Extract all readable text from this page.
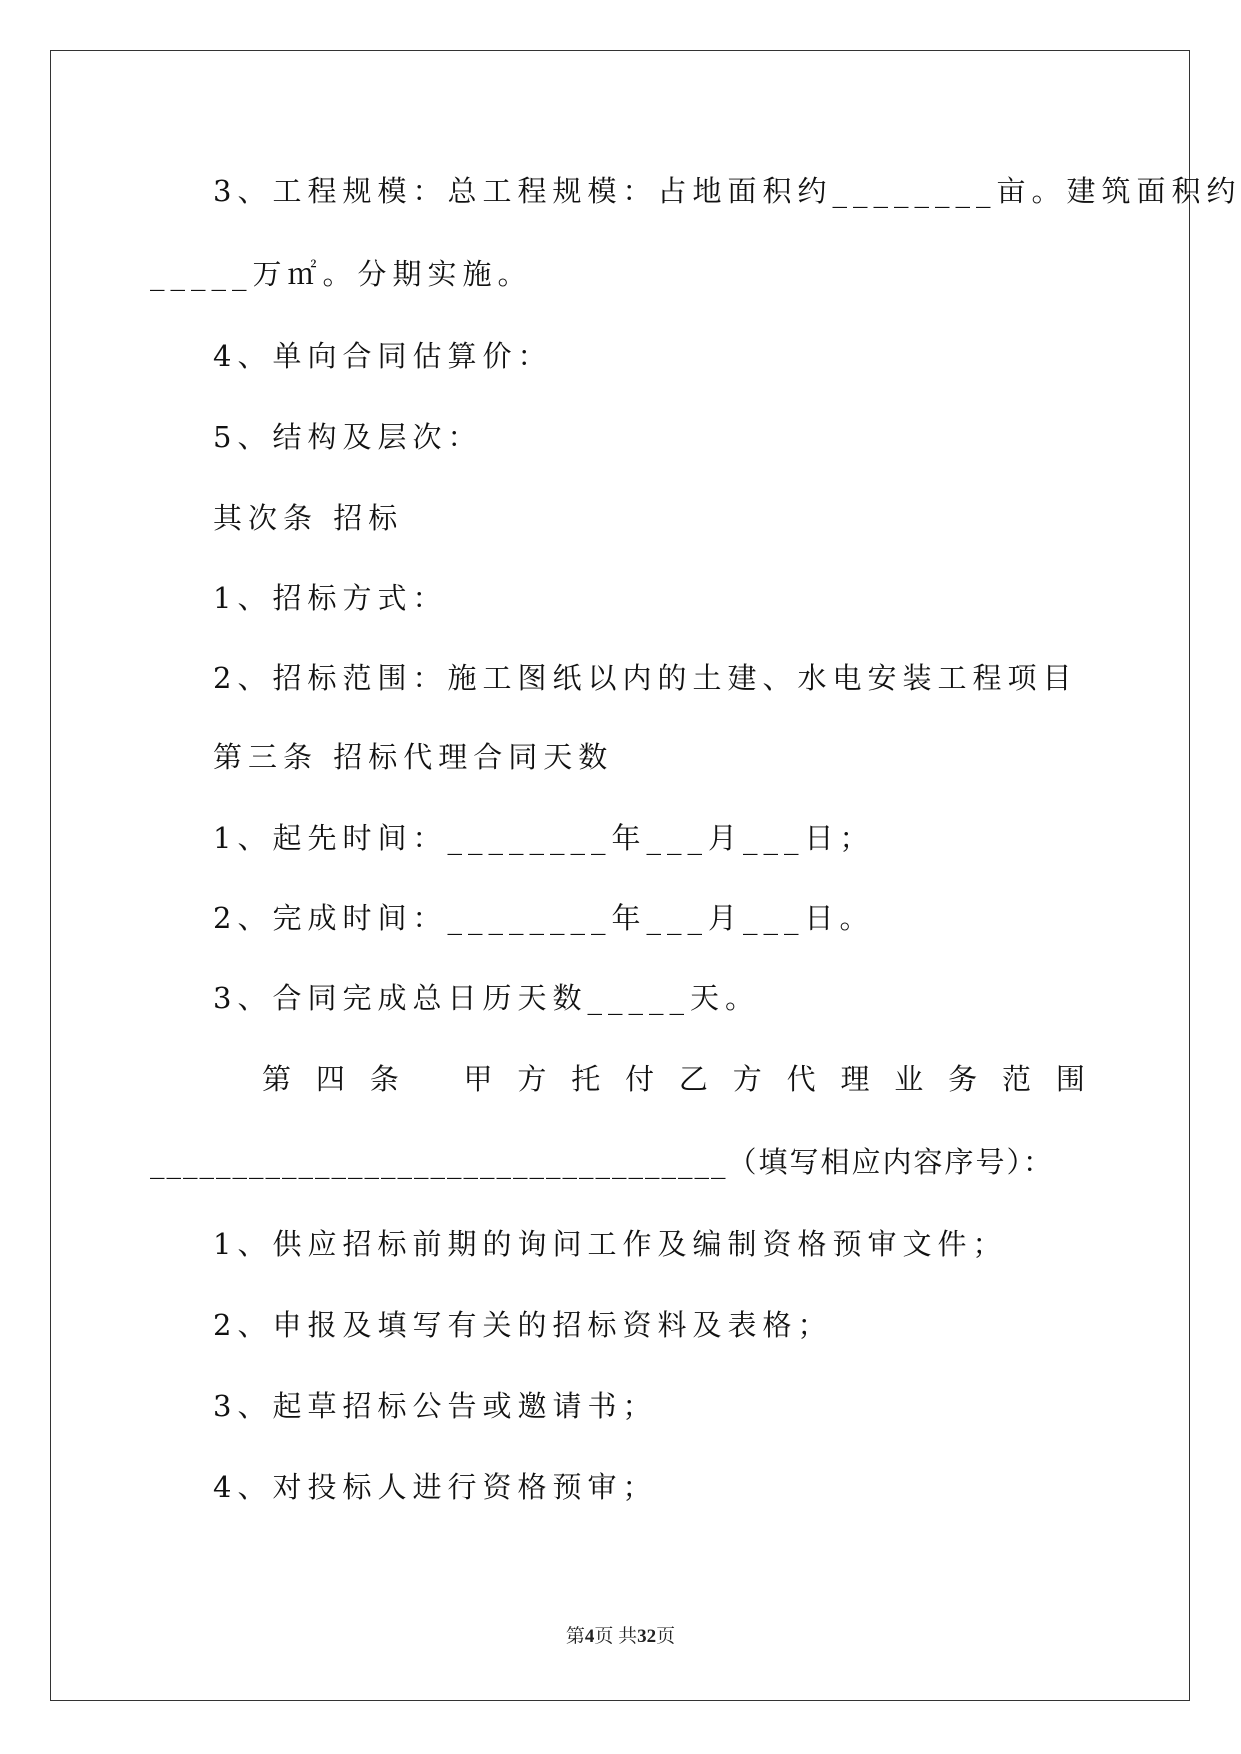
3、工程规模：总工程规模：占地面积约________亩。建筑面积约
_____万㎡。分期实施。
4、单向合同估算价：
5、结构及层次：
其次条 招标
1、招标方式：
2、招标范围：施工图纸以内的土建、水电安装工程项目
第三条 招标代理合同天数
1、起先时间：________年___月___日；
2、完成时间：________年___月___日。
3、合同完成总日历天数_____天。
第 四 条 甲 方 托 付 乙 方 代 理 业 务 范 围
___________________________________（填写相应内容序号）：
1、供应招标前期的询问工作及编制资格预审文件；
2、申报及填写有关的招标资料及表格；
3、起草招标公告或邀请书；
4、对投标人进行资格预审；
第4页 共32页
